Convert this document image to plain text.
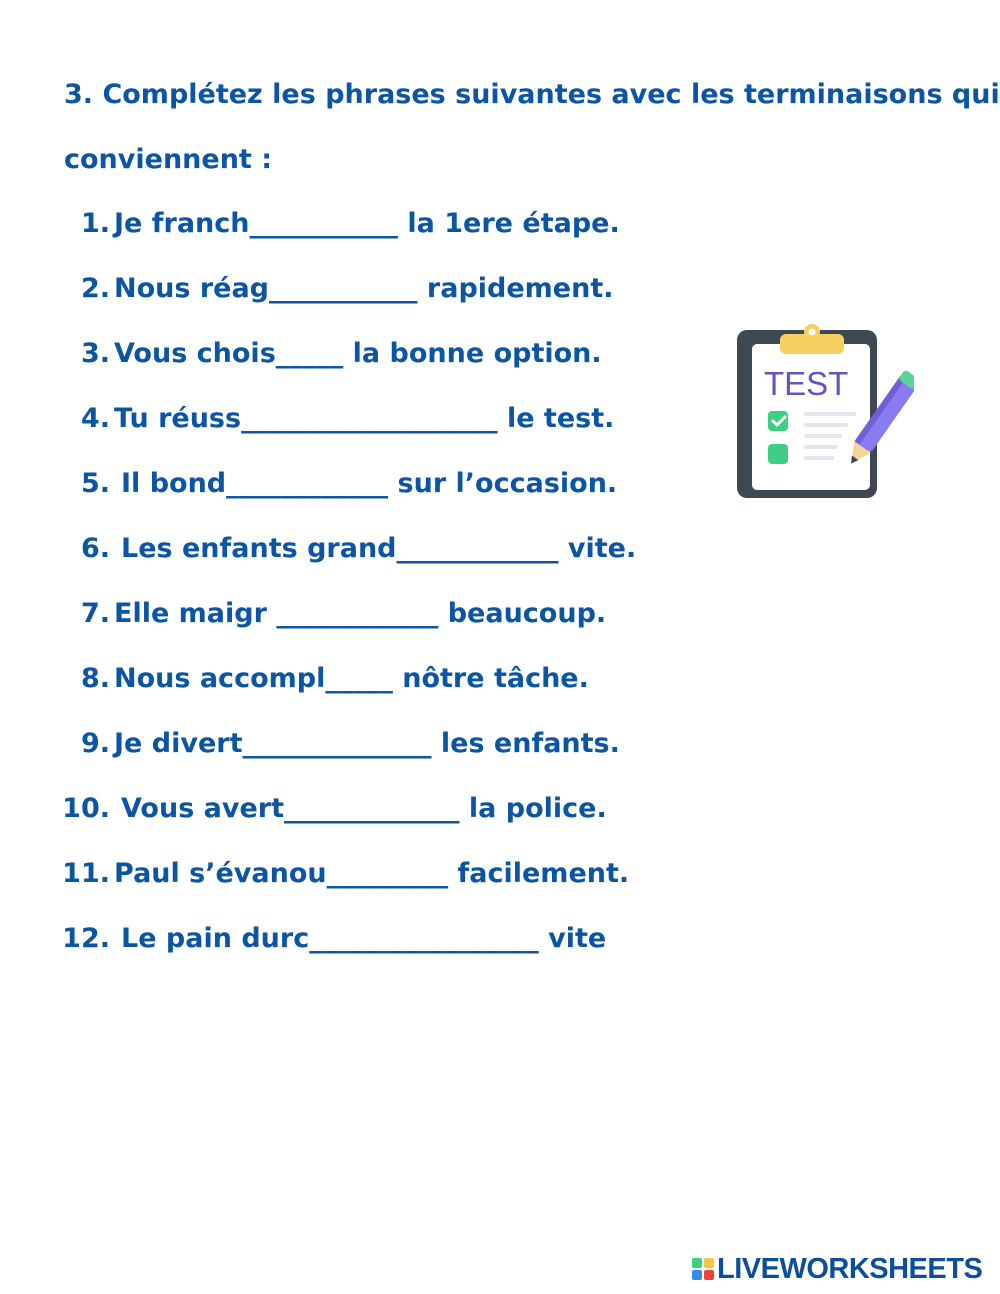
3. Complétez les phrases suivantes avec les terminaisons qui
conviennent :
1. Je franch___________ la 1ere étape.
2. Nous réag___________ rapidement.
3. Vous chois_____ la bonne option.
4. Tu réuss___________________ le test.
5. Il bond____________ sur l’occasion.
6. Les enfants grand____________ vite.
7. Elle maigr ____________ beaucoup.
8. Nous accompl_____ nôtre tâche.
9. Je divert______________ les enfants.
10. Vous avert_____________ la police.
11. Paul s’évanou_________ facilement.
12. Le pain durc_________________ vite
TEST
LIVEWORKSHEETS
